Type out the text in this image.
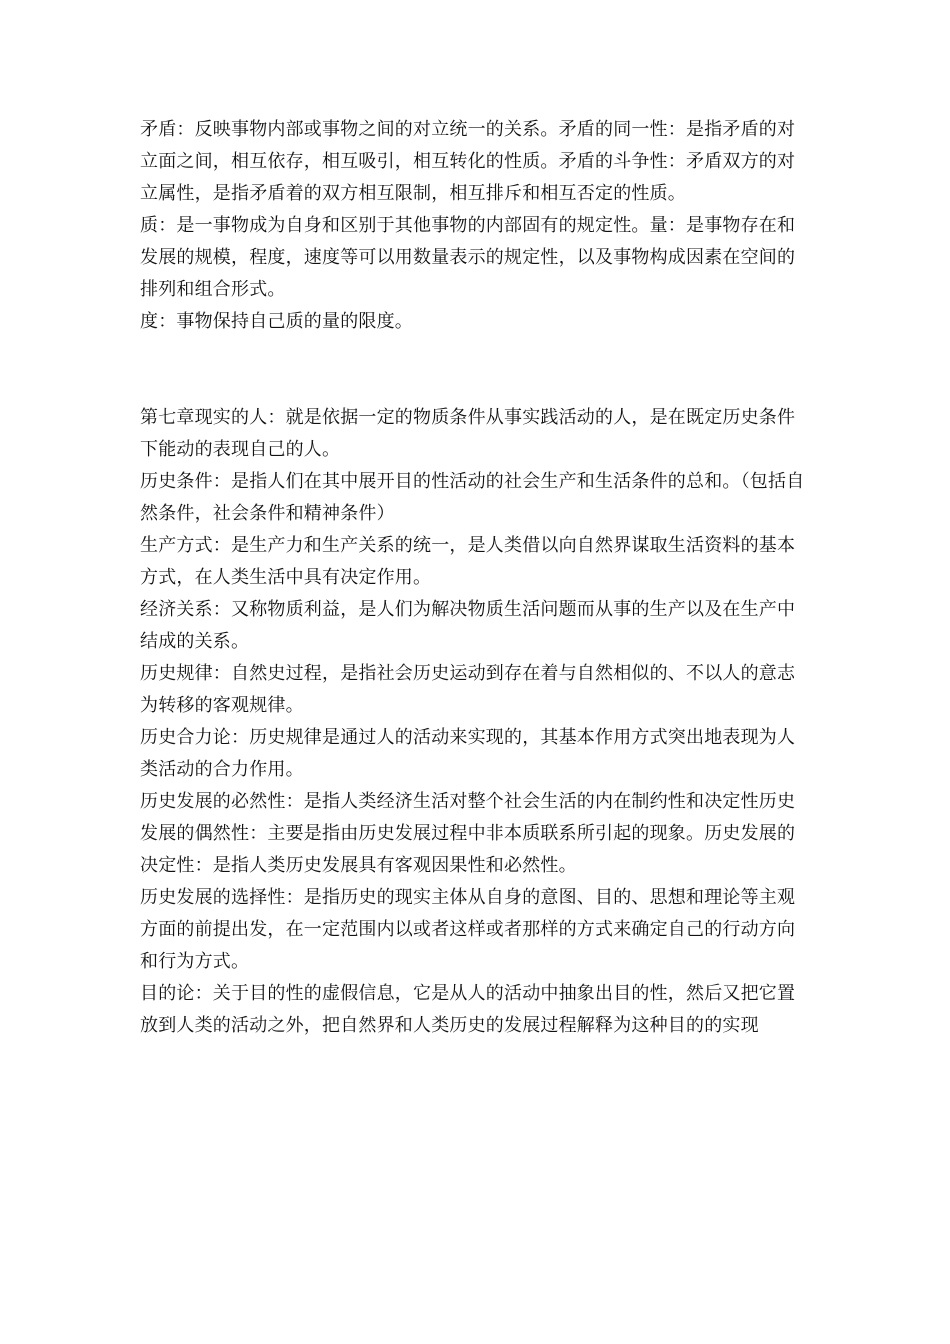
矛盾：反映事物内部或事物之间的对立统一的关系。矛盾的同一性：是指矛盾的对立面之间，相互依存，相互吸引，相互转化的性质。矛盾的斗争性：矛盾双方的对立属性，是指矛盾着的双方相互限制，相互排斥和相互否定的性质。

质：是一事物成为自身和区别于其他事物的内部固有的规定性。量：是事物存在和发展的规模，程度，速度等可以用数量表示的规定性，以及事物构成因素在空间的排列和组合形式。

度：事物保持自己质的量的限度。

第七章现实的人：就是依据一定的物质条件从事实践活动的人，是在既定历史条件下能动的表现自己的人。

历史条件：是指人们在其中展开目的性活动的社会生产和生活条件的总和。（包括自然条件，社会条件和精神条件）

生产方式：是生产力和生产关系的统一，是人类借以向自然界谋取生活资料的基本方式，在人类生活中具有决定作用。

经济关系：又称物质利益，是人们为解决物质生活问题而从事的生产以及在生产中结成的关系。

历史规律：自然史过程，是指社会历史运动到存在着与自然相似的、不以人的意志为转移的客观规律。

历史合力论：历史规律是通过人的活动来实现的，其基本作用方式突出地表现为人类活动的合力作用。

历史发展的必然性：是指人类经济生活对整个社会生活的内在制约性和决定性历史发展的偶然性：主要是指由历史发展过程中非本质联系所引起的现象。历史发展的决定性：是指人类历史发展具有客观因果性和必然性。

历史发展的选择性：是指历史的现实主体从自身的意图、目的、思想和理论等主观方面的前提出发，在一定范围内以或者这样或者那样的方式来确定自己的行动方向和行为方式。

目的论：关于目的性的虚假信息，它是从人的活动中抽象出目的性，然后又把它置放到人类的活动之外，把自然界和人类历史的发展过程解释为这种目的的实现
